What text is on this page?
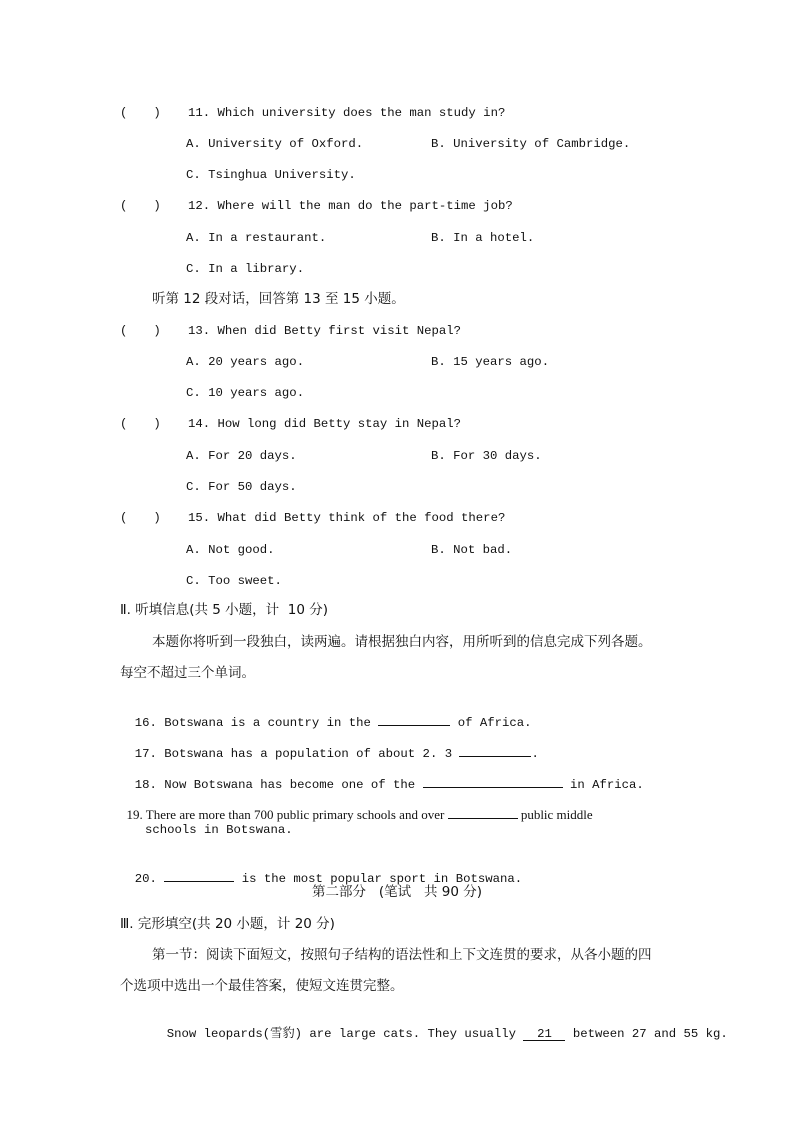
( ) 11. Which university does the man study in?
A. University of Oxford.	B. University of Cambridge.
C. Tsinghua University.
( ) 12. Where will the man do the part-time job?
A. In a restaurant.	B. In a hotel.
C. In a library.
听第 12 段对话，回答第 13 至 15 小题。
( ) 13. When did Betty first visit Nepal?
A. 20 years ago.	B. 15 years ago.
C. 10 years ago.
( ) 14. How long did Betty stay in Nepal?
A. For 20 days.	B. For 30 days.
C. For 50 days.
( ) 15. What did Betty think of the food there?
A. Not good.	B. Not bad.
C. Too sweet.
Ⅱ. 听填信息(共 5 小题，计  10 分)
本题你将听到一段独白，读两遍。请根据独白内容，用所听到的信息完成下列各题。
每空不超过三个单词。

16. Botswana is a country in the	of Africa.

17. Botswana has a population of about 2. 3	.

18. Now Botswana has become one of the	in Africa.

19. There are more than 700 public primary schools and over	public middle

schools in Botswana.

20.	is the most popular sport in Botswana.

第二部分   (笔试   共 90 分)
Ⅲ. 完形填空(共 20 小题，计 20 分)
第一节：阅读下面短文，按照句子结构的语法性和上下文连贯的要求，从各小题的四
个选项中选出一个最佳答案，使短文连贯完整。

Snow leopards(雪豹) are large cats. They usually 21 between 27 and 55 kg.
